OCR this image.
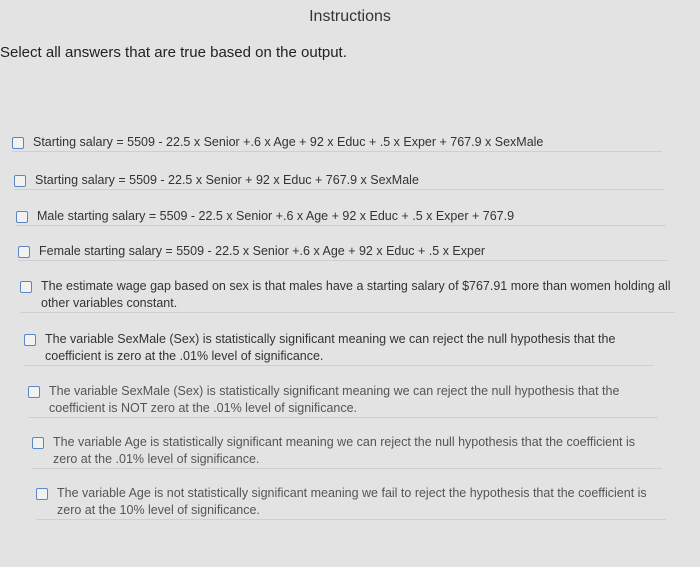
Instructions
Select all answers that are true based on the output.
Starting salary = 5509 - 22.5 x Senior +.6 x Age + 92 x Educ + .5 x Exper + 767.9 x SexMale
Starting salary = 5509 - 22.5 x Senior + 92 x Educ + 767.9 x SexMale
Male starting salary = 5509 - 22.5 x Senior +.6 x Age + 92 x Educ + .5 x Exper + 767.9
Female starting salary = 5509 - 22.5 x Senior +.6 x Age + 92 x Educ + .5 x Exper
The estimate wage gap based on sex is that males have a starting salary of $767.91 more than women holding all other variables constant.
The variable SexMale (Sex) is statistically significant meaning we can reject the null hypothesis that the coefficient is zero at the .01% level of significance.
The variable SexMale (Sex) is statistically significant meaning we can reject the null hypothesis that the coefficient is NOT zero at the .01% level of significance.
The variable Age is statistically significant meaning we can reject the null hypothesis that the coefficient is zero at the .01% level of significance.
The variable Age is not statistically significant meaning we fail to reject the hypothesis that the coefficient is zero at the 10% level of significance.
